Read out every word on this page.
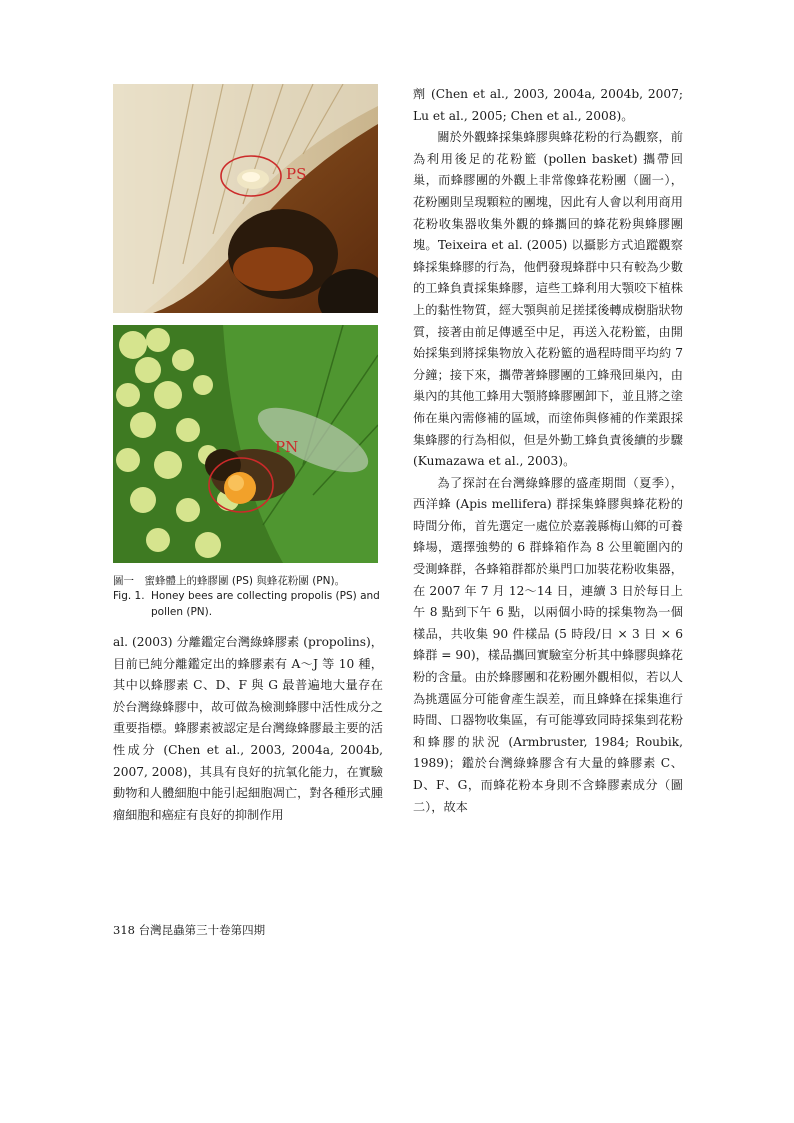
PS
PN
圖一　蜜蜂體上的蜂膠團 (PS) 與蜂花粉團 (PN)。
Fig. 1. Honey bees are collecting propolis (PS) and
pollen (PN).

al. (2003) 分離鑑定台灣綠蜂膠素 (propolins)，目前已純分離鑑定出的蜂膠素有 A～J 等 10 種，其中以蜂膠素 C、D、F 與 G 最普遍地大量存在於台灣綠蜂膠中，故可做為檢測蜂膠中活性成分之重要指標。蜂膠素被認定是台灣綠蜂膠最主要的活性成分 (Chen et al., 2003, 2004a, 2004b, 2007, 2008)，其具有良好的抗氧化能力，在實驗動物和人體細胞中能引起細胞凋亡，對各種形式腫瘤細胞和癌症有良好的抑制作用

劑 (Chen et al., 2003, 2004a, 2004b, 2007; Lu et al., 2005; Chen et al., 2008)。

關於外觀蜂採集蜂膠與蜂花粉的行為觀察，前為利用後足的花粉籃 (pollen basket) 攜帶回巢，而蜂膠團的外觀上非常像蜂花粉團（圖一），花粉團則呈現顆粒的團塊，因此有人會以利用商用花粉收集器收集外觀的蜂攜回的蜂花粉與蜂膠團塊。Teixeira et al. (2005) 以攝影方式追蹤觀察蜂採集蜂膠的行為，他們發現蜂群中只有較為少數的工蜂負責採集蜂膠，這些工蜂利用大顎咬下植株上的黏性物質，經大顎與前足搓揉後轉成樹脂狀物質，接著由前足傳遞至中足，再送入花粉籃，由開始採集到將採集物放入花粉籃的過程時間平均約 7 分鐘；接下來，攜帶著蜂膠團的工蜂飛回巢內，由巢內的其他工蜂用大顎將蜂膠團卸下，並且將之塗佈在巢內需修補的區域，而塗佈與修補的作業跟採集蜂膠的行為相似，但是外勤工蜂負責後續的步驟 (Kumazawa et al., 2003)。

為了探討在台灣綠蜂膠的盛產期間（夏季），西洋蜂 (Apis mellifera) 群採集蜂膠與蜂花粉的時間分佈，首先選定一處位於嘉義縣梅山鄉的可養蜂場，選擇強勢的 6 群蜂箱作為 8 公里範圍內的受測蜂群，各蜂箱群都於巢門口加裝花粉收集器，在 2007 年 7 月 12～14 日，連續 3 日於每日上午 8 點到下午 6 點，以兩個小時的採集物為一個樣品，共收集 90 件樣品 (5 時段/日 × 3 日 × 6 蜂群 = 90)，樣品攜回實驗室分析其中蜂膠與蜂花粉的含量。由於蜂膠團和花粉團外觀相似，若以人為挑選區分可能會產生誤差，而且蜂蜂在採集進行時間、口器物收集區，有可能導致同時採集到花粉和蜂膠的狀況 (Armbruster, 1984; Roubik, 1989)；鑑於台灣綠蜂膠含有大量的蜂膠素 C、D、F、G，而蜂花粉本身則不含蜂膠素成分（圖二），故本

318 台灣昆蟲第三十卷第四期
